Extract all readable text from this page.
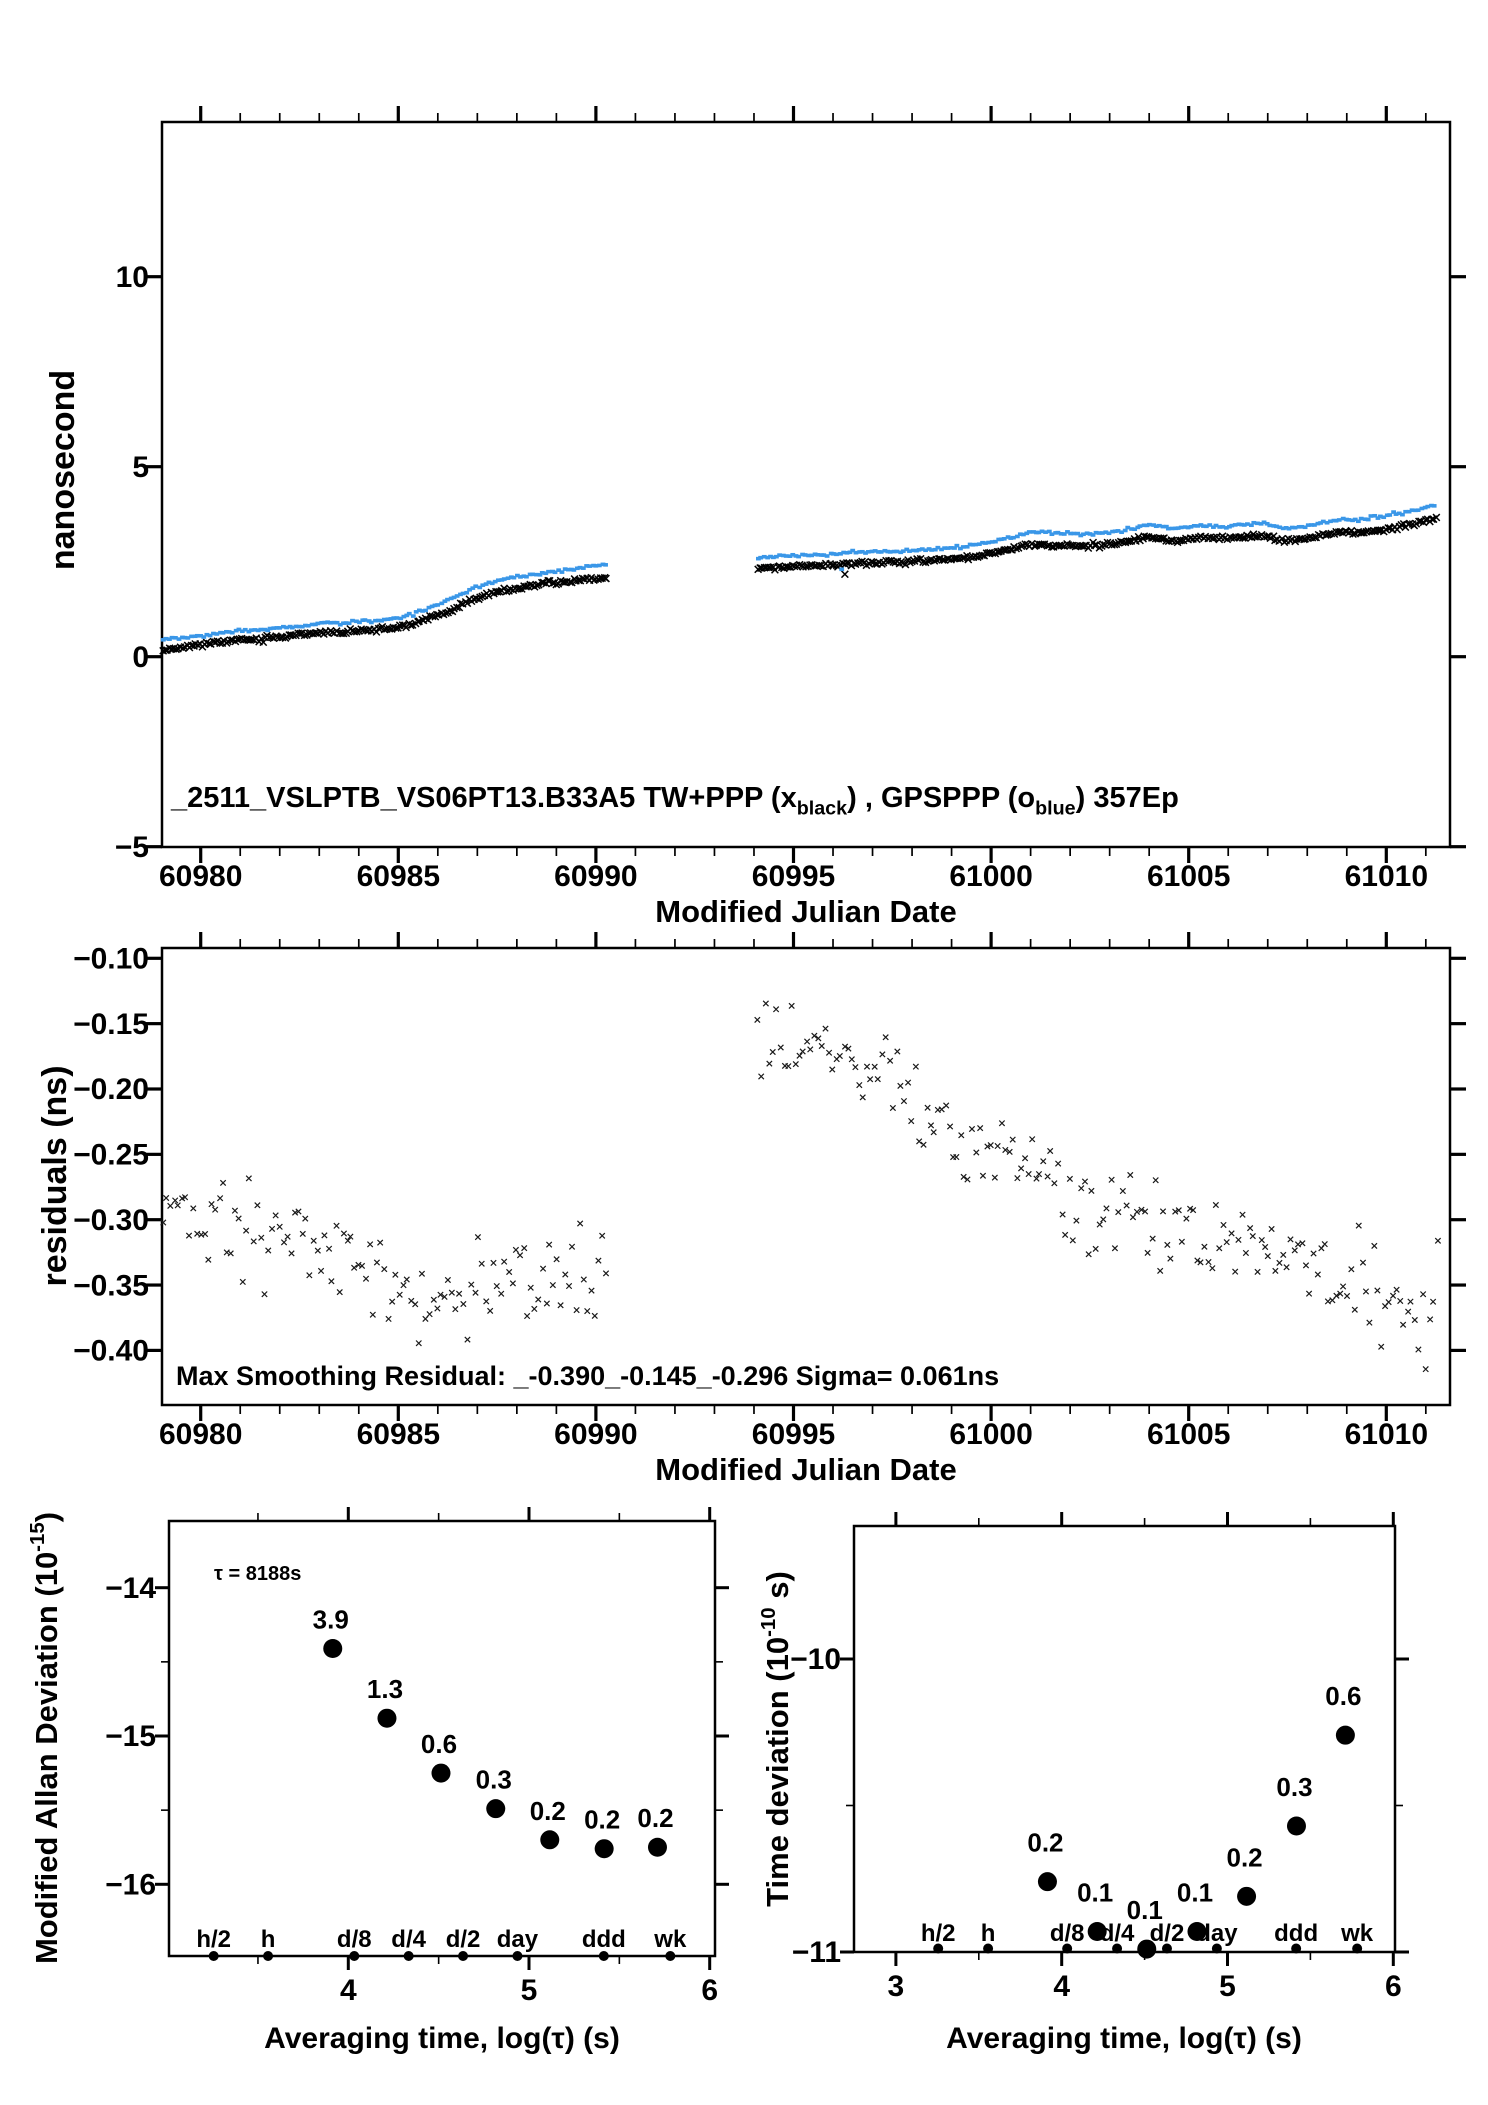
60980	60985	60990	60995	61000	61005	61010
−5
0
5
10
Modified Julian Date
nanosecond
_2511_VSLPTB_VS06PT13.B33A5 TW+PPP $(x_{black})$ , GPSPPP $(o_{blue})$ 357Ep
60980	60985	60990	60995	61000	61005	61010
−0.10
−0.15
−0.20
−0.25
−0.30
−0.35
−0.40
Modified Julian Date
residuals (ns)
Max Smoothing Residual: _-0.390_-0.145_-0.296 Sigma= 0.061ns
4	5	6
−14
−15
−16
Averaging time, log(τ) (s)
Modified Allan Deviation $(10^{-15})$
3.9
1.3
0.6
0.3
0.2 0.2 0.2
h/2 h	d/8 d/4 d/2 day ddd wk
τ = 8188s
3	4	5	6
−10
−11
Averaging time, log(τ) (s)
Time deviation ($10^{-10}$ s)
0.2
0.1
0.1
0.1
0.2
0.3
0.6
h/2 h d/8 d/4 d/2 day ddd wk
